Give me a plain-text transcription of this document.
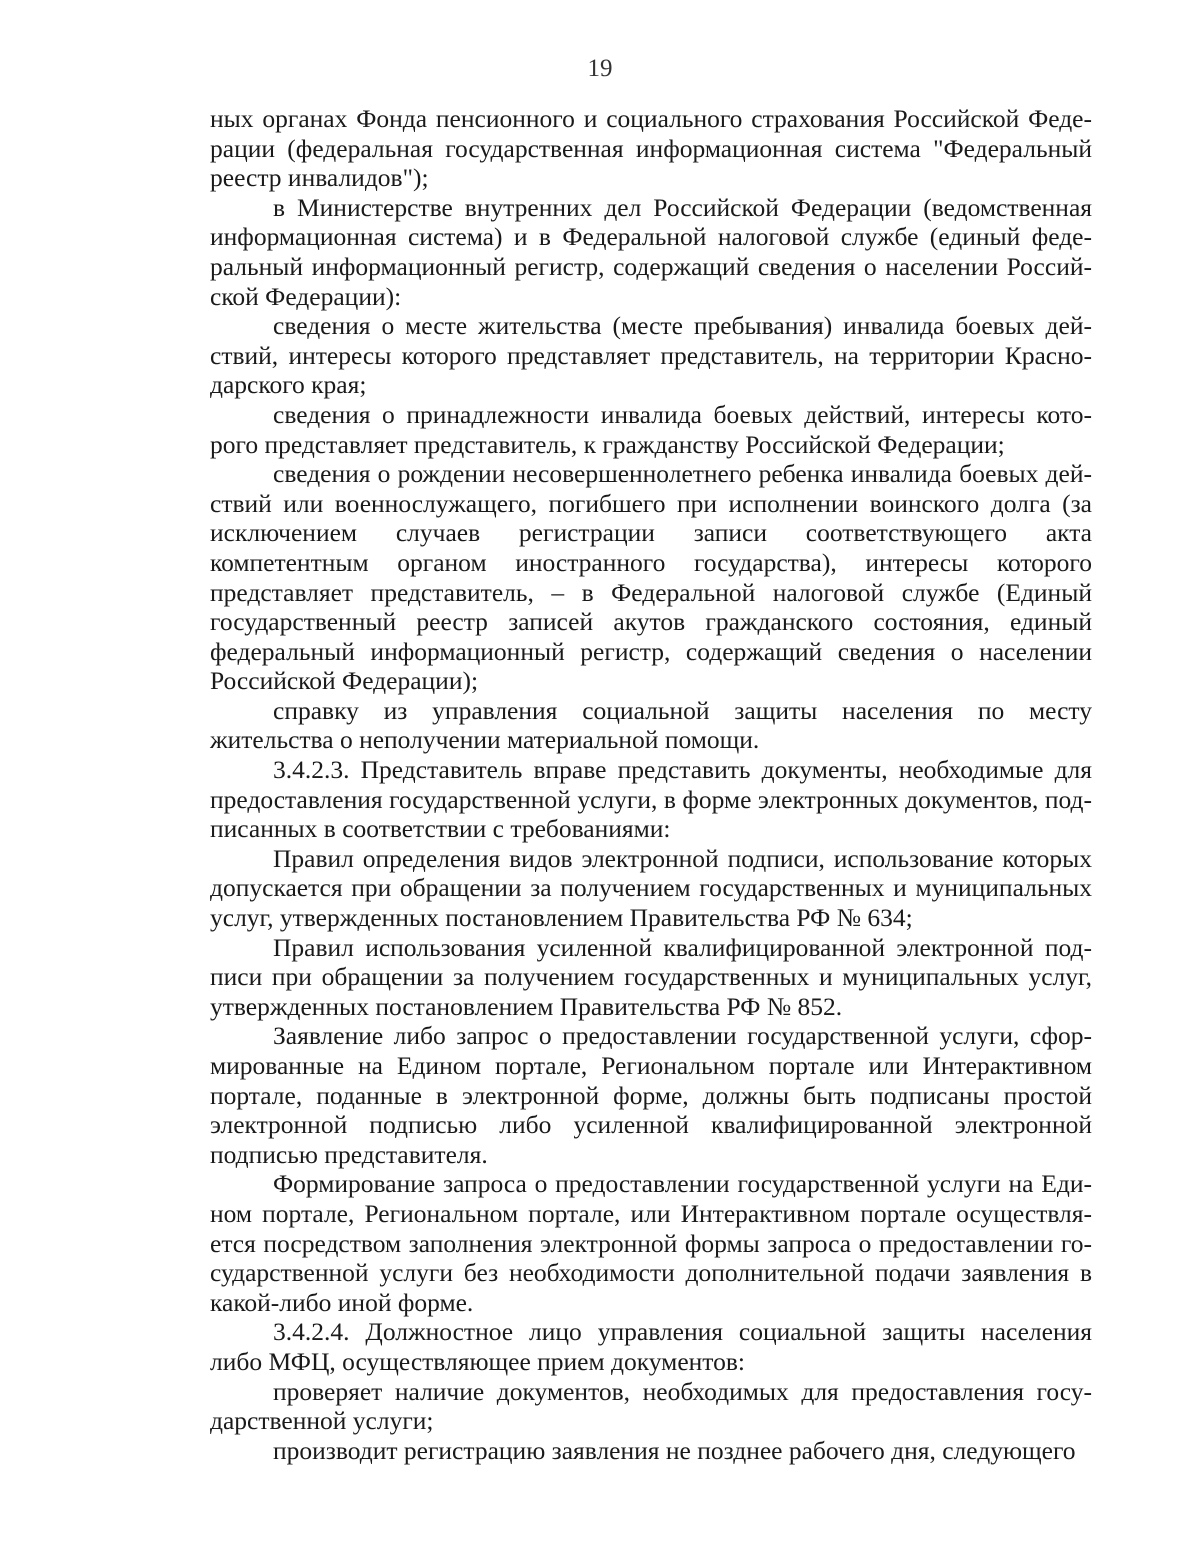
19

ных органах Фонда пенсионного и социального страхования Российской Федерации (федеральная государственная информационная система "Федеральный реестр инвалидов");

в Министерстве внутренних дел Российской Федерации (ведомственная информационная система) и в Федеральной налоговой службе (единый федеральный информационный регистр, содержащий сведения о населении Российской Федерации):

сведения о месте жительства (месте пребывания) инвалида боевых действий, интересы которого представляет представитель, на территории Краснодарского края;

сведения о принадлежности инвалида боевых действий, интересы которого представляет представитель, к гражданству Российской Федерации;

сведения о рождении несовершеннолетнего ребенка инвалида боевых действий или военнослужащего, погибшего при исполнении воинского долга (за исключением случаев регистрации записи соответствующего акта компетентным органом иностранного государства), интересы которого представляет представитель, – в Федеральной налоговой службе (Единый государственный реестр записей акутов гражданского состояния, единый федеральный информационный регистр, содержащий сведения о населении Российской Федерации);

справку из управления социальной защиты населения по месту жительства о неполучении материальной помощи.

3.4.2.3. Представитель вправе представить документы, необходимые для предоставления государственной услуги, в форме электронных документов, подписанных в соответствии с требованиями:

Правил определения видов электронной подписи, использование которых допускается при обращении за получением государственных и муниципальных услуг, утвержденных постановлением Правительства РФ № 634;

Правил использования усиленной квалифицированной электронной подписи при обращении за получением государственных и муниципальных услуг, утвержденных постановлением Правительства РФ № 852.

Заявление либо запрос о предоставлении государственной услуги, сформированные на Едином портале, Региональном портале или Интерактивном портале, поданные в электронной форме, должны быть подписаны простой электронной подписью либо усиленной квалифицированной электронной подписью представителя.

Формирование запроса о предоставлении государственной услуги на Едином портале, Региональном портале, или Интерактивном портале осуществляется посредством заполнения электронной формы запроса о предоставлении государственной услуги без необходимости дополнительной подачи заявления в какой-либо иной форме.

3.4.2.4. Должностное лицо управления социальной защиты населения либо МФЦ, осуществляющее прием документов:

проверяет наличие документов, необходимых для предоставления государственной услуги;

производит регистрацию заявления не позднее рабочего дня, следующего
